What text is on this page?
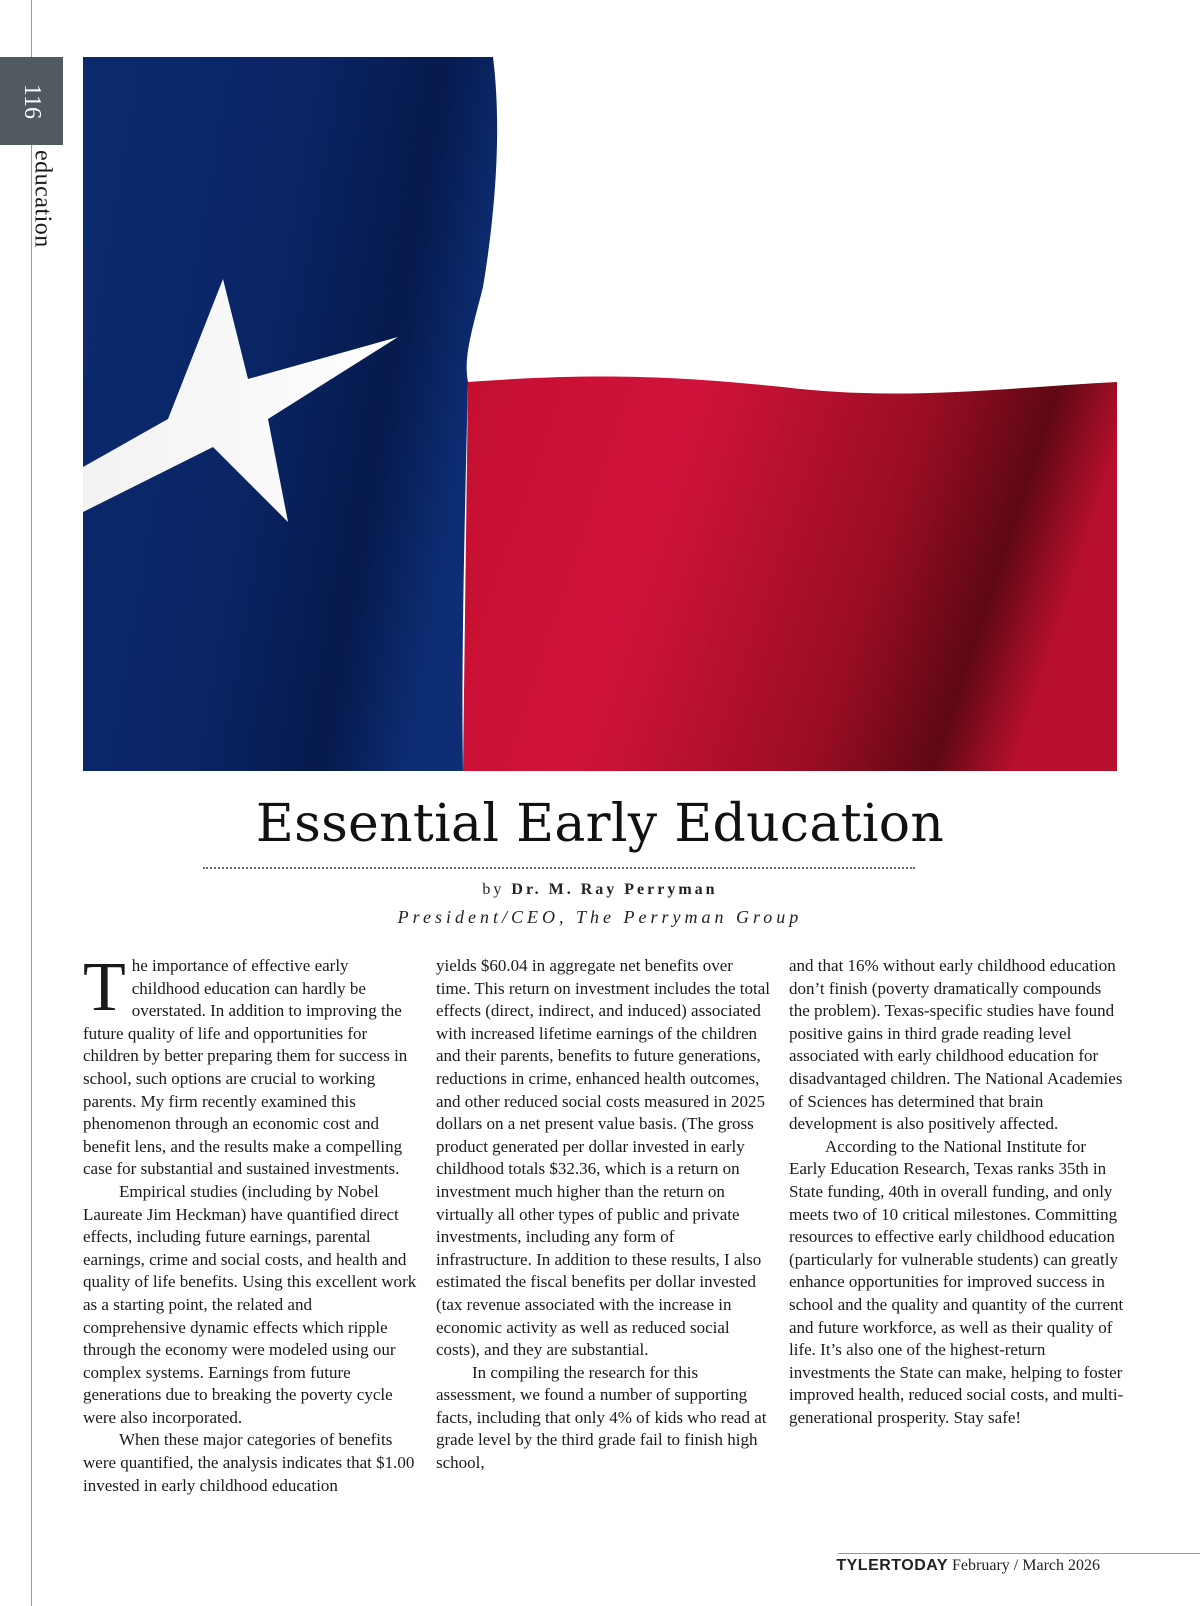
116
education
Essential Early Education
by Dr. M. Ray Perryman
President/CEO, The Perryman Group

The importance of effective early childhood education can hardly be overstated. In addition to improving the future quality of life and opportunities for children by better preparing them for success in school, such options are crucial to working parents. My firm recently examined this phenomenon through an economic cost and benefit lens, and the results make a compelling case for substantial and sustained investments.

Empirical studies (including by Nobel Laureate Jim Heckman) have quantified direct effects, including future earnings, parental earnings, crime and social costs, and health and quality of life benefits. Using this excellent work as a starting point, the related and comprehensive dynamic effects which ripple through the economy were modeled using our complex systems. Earnings from future generations due to breaking the poverty cycle were also incorporated.

When these major categories of benefits were quantified, the analysis indicates that $1.00 invested in early childhood education

yields $60.04 in aggregate net benefits over time. This return on investment includes the total effects (direct, indirect, and induced) associated with increased lifetime earnings of the children and their parents, benefits to future generations, reductions in crime, enhanced health outcomes, and other reduced social costs measured in 2025 dollars on a net present value basis. (The gross product generated per dollar invested in early childhood totals $32.36, which is a return on investment much higher than the return on virtually all other types of public and private investments, including any form of infrastructure. In addition to these results, I also estimated the fiscal benefits per dollar invested (tax revenue associated with the increase in economic activity as well as reduced social costs), and they are substantial.

In compiling the research for this assessment, we found a number of supporting facts, including that only 4% of kids who read at grade level by the third grade fail to finish high school,

and that 16% without early childhood education don’t finish (poverty dramatically compounds the problem). Texas-specific studies have found positive gains in third grade reading level associated with early childhood education for disadvantaged children. The National Academies of Sciences has determined that brain development is also positively affected.

According to the National Institute for Early Education Research, Texas ranks 35th in State funding, 40th in overall funding, and only meets two of 10 critical milestones. Committing resources to effective early childhood education (particularly for vulnerable students) can greatly enhance opportunities for improved success in school and the quality and quantity of the current and future workforce, as well as their quality of life. It’s also one of the highest-return investments the State can make, helping to foster improved health, reduced social costs, and multi-generational prosperity. Stay safe!

TYLERTODAY February / March 2026
